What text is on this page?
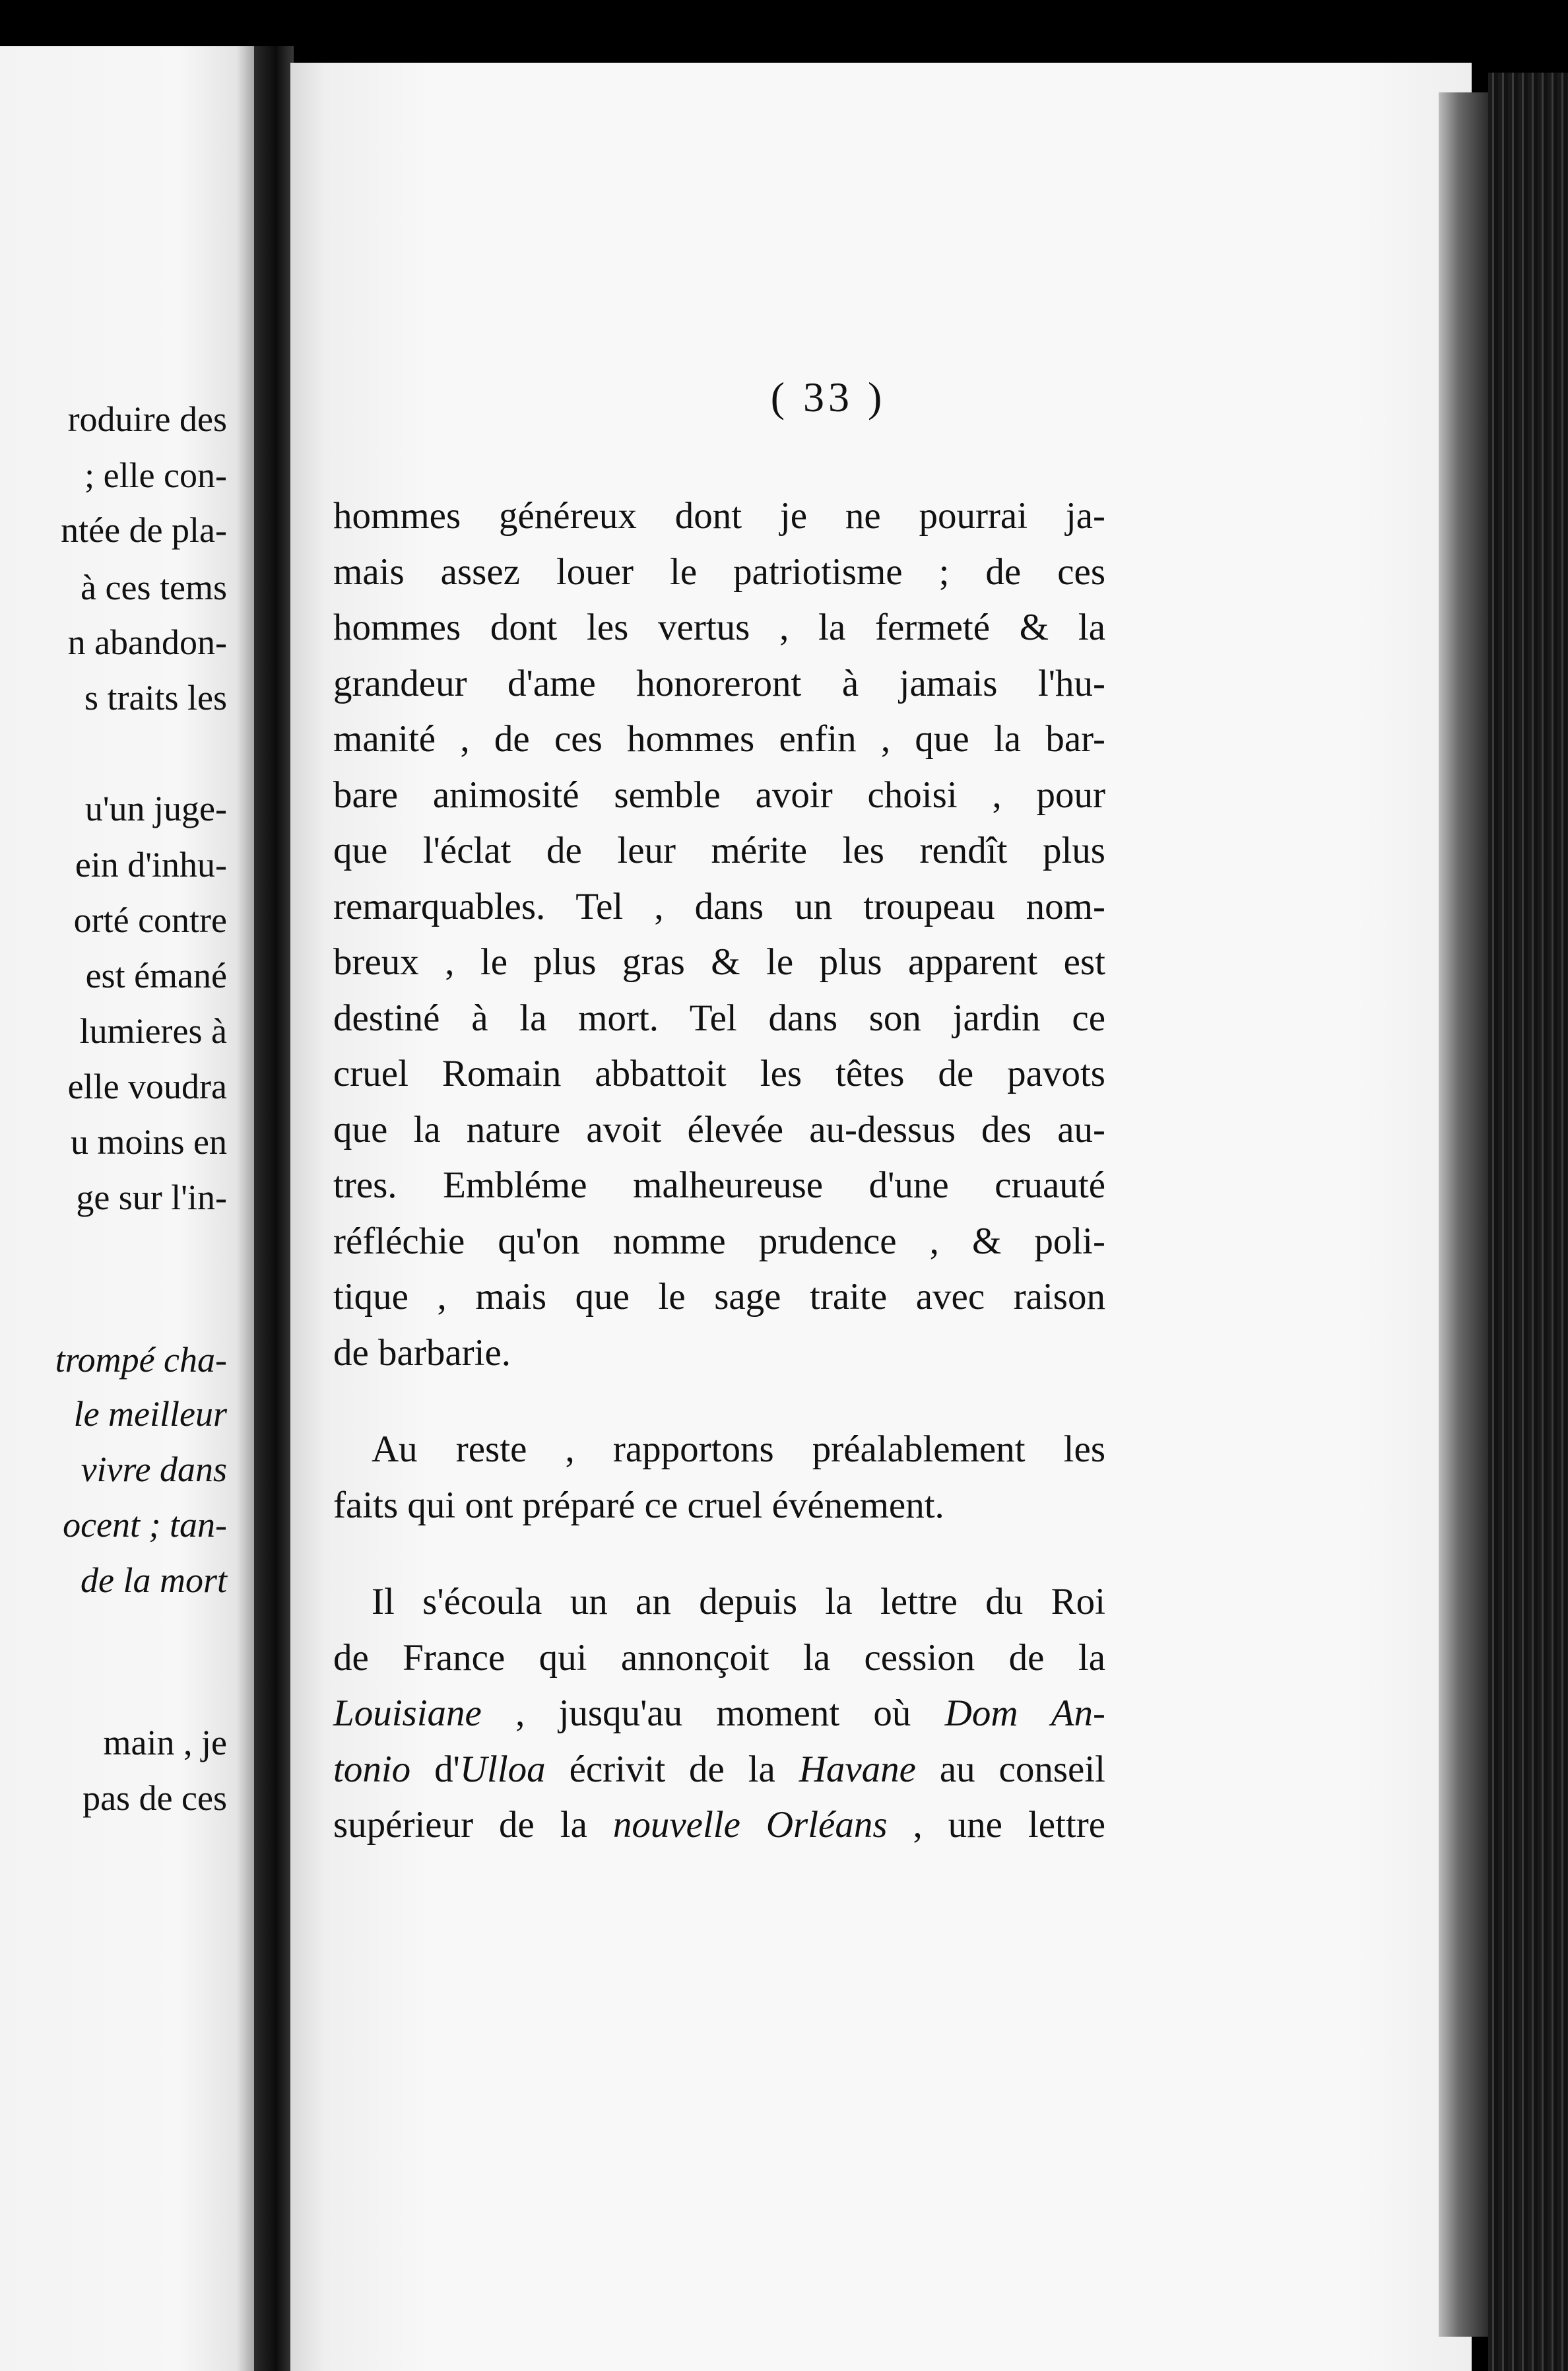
roduire des
; elle con-
ntée de pla-
à ces tems
n abandon-
s traits les
u'un juge-
ein d'inhu-
orté contre
est émané
lumieres à
elle voudra
u moins en
ge sur l'in-
trompé cha-
le meilleur
vivre dans
ocent ; tan-
de la mort
main , je
pas de ces
( 33 )
hommes généreux dont je ne pourrai ja-
mais assez louer le patriotisme ; de ces
hommes dont les vertus , la fermeté & la
grandeur d'ame honoreront à jamais l'hu-
manité , de ces hommes enfin , que la bar-
bare animosité semble avoir choisi , pour
que l'éclat de leur mérite les rendît plus
remarquables. Tel , dans un troupeau nom-
breux , le plus gras & le plus apparent est
destiné à la mort. Tel dans son jardin ce
cruel Romain abbattoit les têtes de pavots
que la nature avoit élevée au-dessus des au-
tres. Embléme malheureuse d'une cruauté
réfléchie qu'on nomme prudence , & poli-
tique , mais que le sage traite avec raison
de barbarie.
Au reste , rapportons préalablement les
faits qui ont préparé ce cruel événement.
Il s'écoula un an depuis la lettre du Roi
de France qui annonçoit la cession de la
Louisiane , jusqu'au moment où Dom An-
tonio d'Ulloa écrivit de la Havane au conseil
supérieur de la nouvelle Orléans , une lettre
